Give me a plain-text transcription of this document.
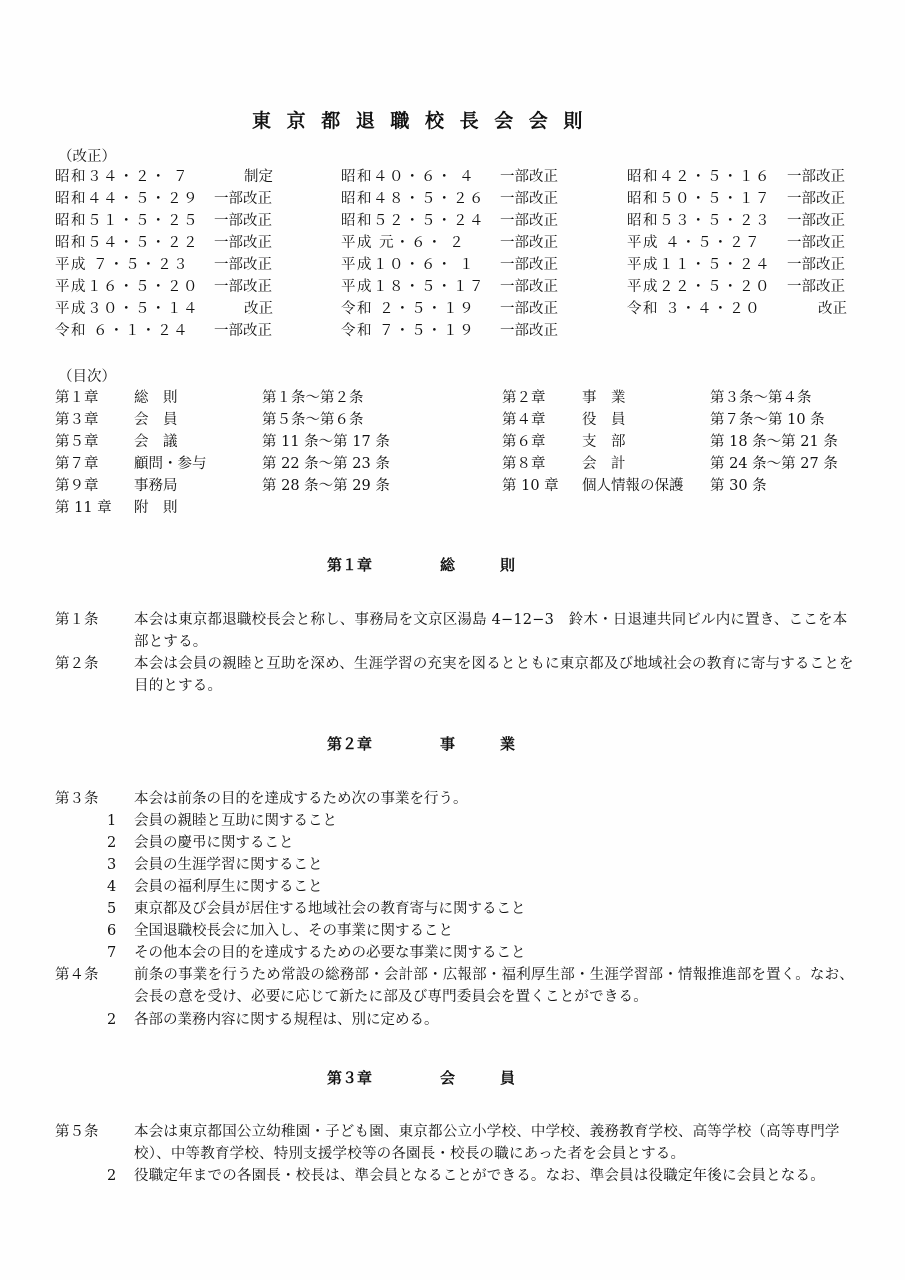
東京都退職校長会会則
（改正）
昭和３４・２・ ７	制定	昭和４０・６・ ４ 一部改正	昭和４２・５・１６ 一部改正
昭和４４・５・２９ 一部改正	昭和４８・５・２６ 一部改正	昭和５０・５・１７ 一部改正
昭和５１・５・２５ 一部改正	昭和５２・５・２４ 一部改正	昭和５３・５・２３ 一部改正
昭和５４・５・２２ 一部改正	平成 元・６・ ２ 一部改正	平成 ４・５・２７ 一部改正
平成 ７・５・２３ 一部改正	平成１０・６・ １ 一部改正	平成１１・５・２４ 一部改正
平成１６・５・２０ 一部改正	平成１８・５・１７ 一部改正	平成２２・５・２０ 一部改正
平成３０・５・１４	改正	令和 ２・５・１９ 一部改正	令和 ３・４・２０	改正
令和 ６・１・２４ 一部改正	令和 ７・５・１９ 一部改正
（目次）
第１章 総　則	第１条～第２条	第２章	事　業	第３条～第４条
第３章 会　員	第５条～第６条	第４章	役　員	第７条～第 10 条
第５章 会　議	第 11 条～第 17 条	第６章	支　部	第 18 条～第 21 条
第７章 顧問・参与	第 22 条～第 23 条	第８章	会　計	第 24 条～第 27 条
第９章 事務局	第 28 条～第 29 条	第 10 章 個人情報の保護 第 30 条
第 11 章 附　則
第１章	総　　　則
第１条 本会は東京都退職校長会と称し、事務局を文京区湯島 4−12−3　鈴木・日退連共同ビル内に置き、ここを本部とする。
第２条 本会は会員の親睦と互助を深め、生涯学習の充実を図るとともに東京都及び地域社会の教育に寄与することを目的とする。
第２章	事　　　業
第３条 本会は前条の目的を達成するため次の事業を行う。
1 会員の親睦と互助に関すること
2 会員の慶弔に関すること
3 会員の生涯学習に関すること
4 会員の福利厚生に関すること
5 東京都及び会員が居住する地域社会の教育寄与に関すること
6 全国退職校長会に加入し、その事業に関すること
7 その他本会の目的を達成するための必要な事業に関すること
第４条 前条の事業を行うため常設の総務部・会計部・広報部・福利厚生部・生涯学習部・情報推進部を置く。なお、会長の意を受け、必要に応じて新たに部及び専門委員会を置くことができる。
2 各部の業務内容に関する規程は、別に定める。
第３章	会　　　員
第５条 本会は東京都国公立幼稚園・子ども園、東京都公立小学校、中学校、義務教育学校、高等学校（高等専門学校）、中等教育学校、特別支援学校等の各園長・校長の職にあった者を会員とする。
2 役職定年までの各園長・校長は、準会員となることができる。なお、準会員は役職定年後に会員となる。
